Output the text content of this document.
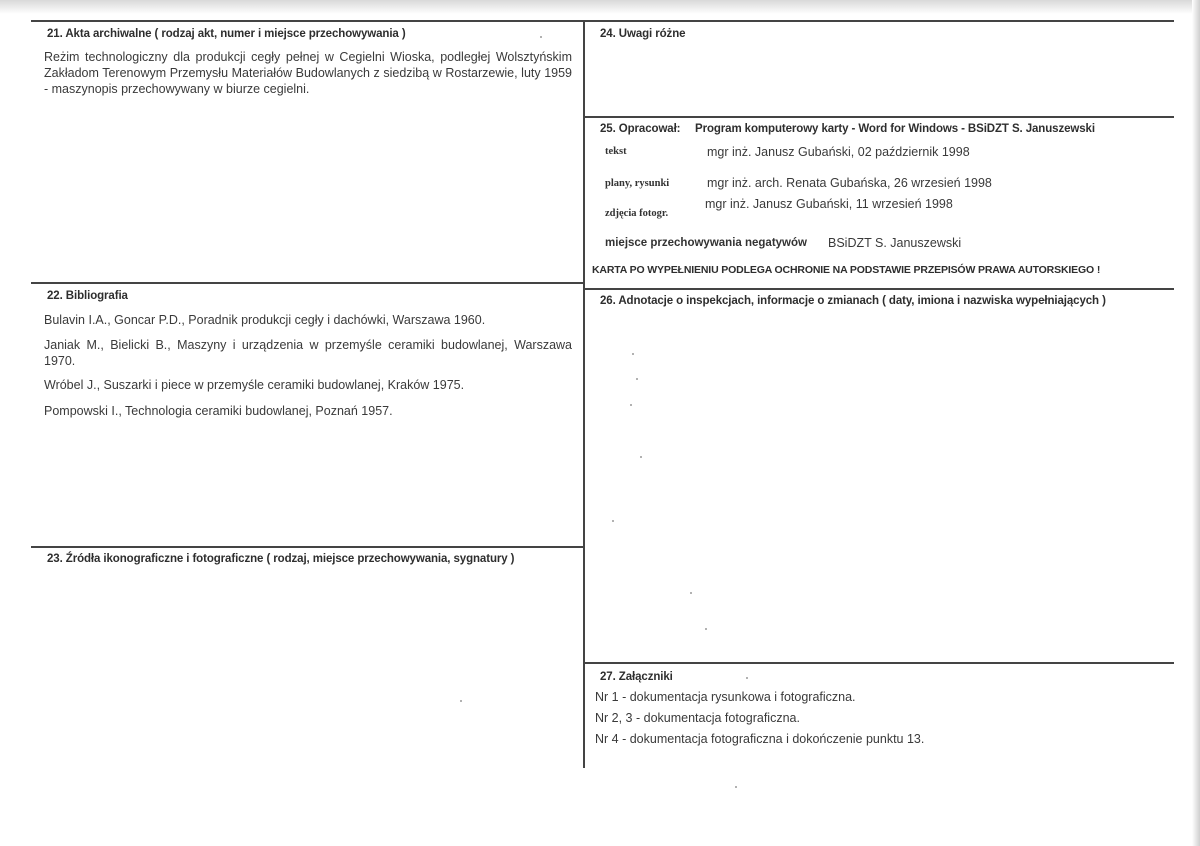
21. Akta archiwalne ( rodzaj akt, numer i miejsce przechowywania )
Reżim technologiczny dla produkcji cegły pełnej w Cegielni Wioska, podległej Wolsztyńskim Zakładom Terenowym Przemysłu Materiałów Budowlanych z siedzibą w Rostarzewie, luty 1959 - maszynopis przechowywany w biurze cegielni.
24. Uwagi różne
25. Opracował: Program komputerowy karty - Word for Windows - BSiDZT S. Januszewski
tekst	mgr inż. Janusz Gubański, 02 październik 1998
plany, rysunki	mgr inż. arch. Renata Gubańska, 26 wrzesień 1998
zdjęcia fotogr.
mgr inż. Janusz Gubański, 11 wrzesień 1998
miejsce przechowywania negatywów BSiDZT S. Januszewski
KARTA PO WYPEŁNIENIU PODLEGA OCHRONIE NA PODSTAWIE PRZEPISÓW PRAWA AUTORSKIEGO !
22. Bibliografia
Bulavin I.A., Goncar P.D., Poradnik produkcji cegły i dachówki, Warszawa 1960.
Janiak M., Bielicki B., Maszyny i urządzenia w przemyśle ceramiki budowlanej, Warszawa 1970.
Wróbel J., Suszarki i piece w przemyśle ceramiki budowlanej, Kraków 1975.
Pompowski I., Technologia ceramiki budowlanej, Poznań 1957.
26. Adnotacje o inspekcjach, informacje o zmianach ( daty, imiona i nazwiska wypełniających )
23. Źródła ikonograficzne i fotograficzne ( rodzaj, miejsce przechowywania, sygnatury )
27. Załączniki
Nr 1 - dokumentacja rysunkowa i fotograficzna.
Nr 2, 3 - dokumentacja fotograficzna.
Nr 4 - dokumentacja fotograficzna i dokończenie punktu 13.
